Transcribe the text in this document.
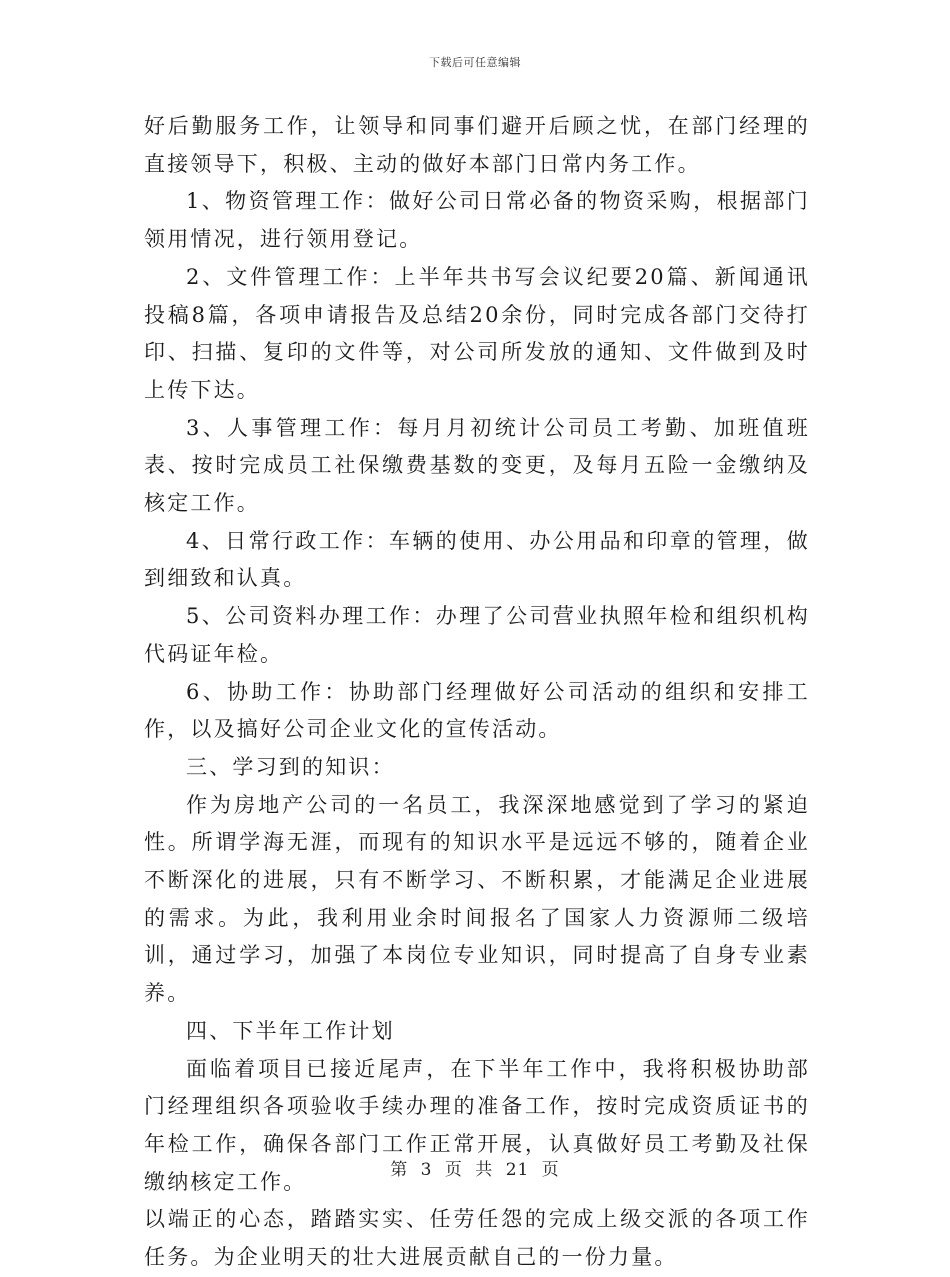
下载后可任意编辑

好后勤服务工作，让领导和同事们避开后顾之忧，在部门经理的直接领导下，积极、主动的做好本部门日常内务工作。

1、物资管理工作：做好公司日常必备的物资采购，根据部门领用情况，进行领用登记。

2、文件管理工作：上半年共书写会议纪要20篇、新闻通讯投稿8篇，各项申请报告及总结20余份，同时完成各部门交待打印、扫描、复印的文件等，对公司所发放的通知、文件做到及时上传下达。

3、人事管理工作：每月月初统计公司员工考勤、加班值班表、按时完成员工社保缴费基数的变更，及每月五险一金缴纳及核定工作。

4、日常行政工作：车辆的使用、办公用品和印章的管理，做到细致和认真。

5、公司资料办理工作：办理了公司营业执照年检和组织机构代码证年检。

6、协助工作：协助部门经理做好公司活动的组织和安排工作，以及搞好公司企业文化的宣传活动。

三、学习到的知识：

作为房地产公司的一名员工，我深深地感觉到了学习的紧迫性。所谓学海无涯，而现有的知识水平是远远不够的，随着企业不断深化的进展，只有不断学习、不断积累，才能满足企业进展的需求。为此，我利用业余时间报名了国家人力资源师二级培训，通过学习，加强了本岗位专业知识，同时提高了自身专业素养。

四、下半年工作计划

面临着项目已接近尾声，在下半年工作中，我将积极协助部门经理组织各项验收手续办理的准备工作，按时完成资质证书的年检工作，确保各部门工作正常开展，认真做好员工考勤及社保缴纳核定工作。

以端正的心态，踏踏实实、任劳任怨的完成上级交派的各项工作任务。为企业明天的壮大进展贡献自己的一份力量。

第 3 页 共 21 页
